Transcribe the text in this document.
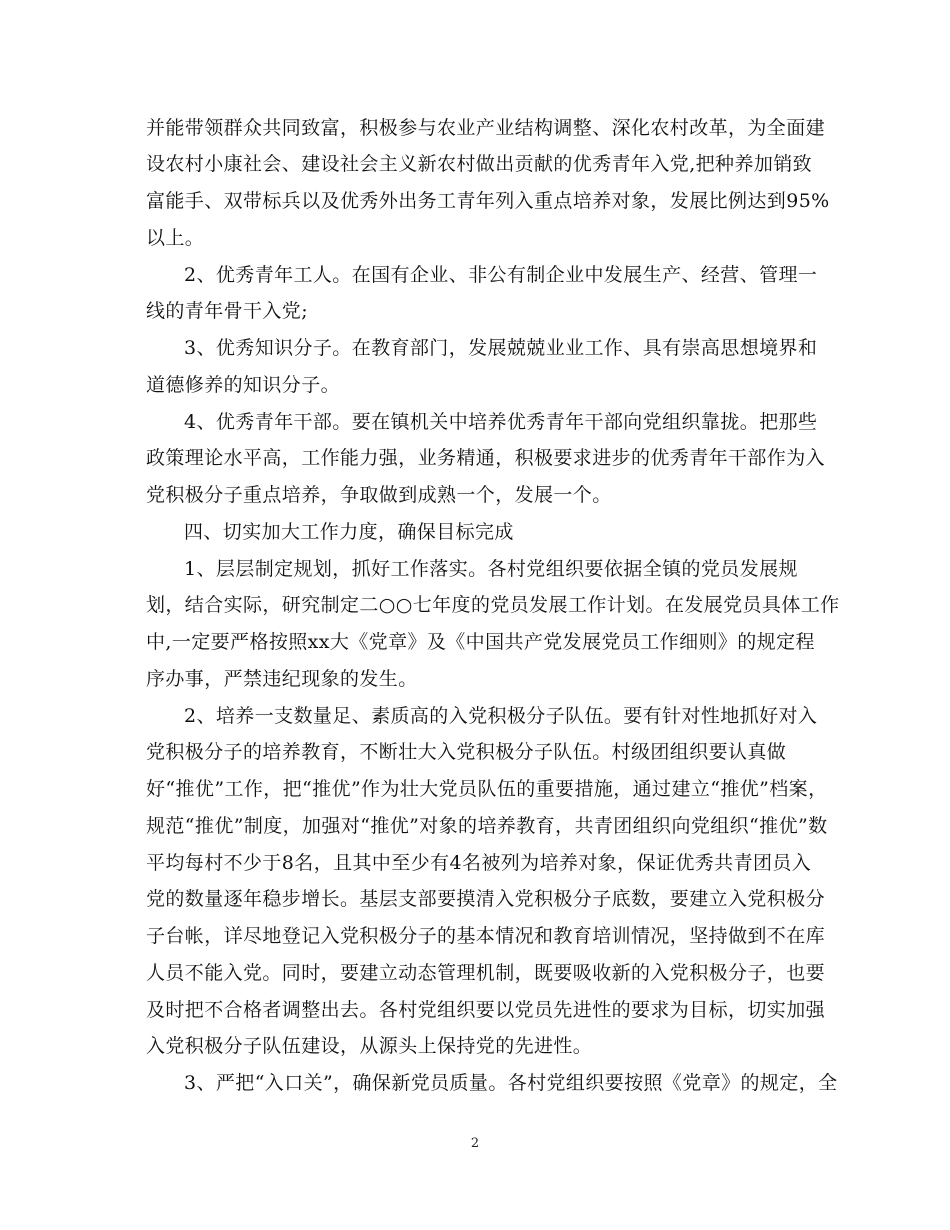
并能带领群众共同致富，积极参与农业产业结构调整、深化农村改革，为全面建
设农村小康社会、建设社会主义新农村做出贡献的优秀青年入党,把种养加销致
富能手、双带标兵以及优秀外出务工青年列入重点培养对象，发展比例达到95%
以上。
2、优秀青年工人。在国有企业、非公有制企业中发展生产、经营、管理一
线的青年骨干入党;
3、优秀知识分子。在教育部门，发展兢兢业业工作、具有崇高思想境界和
道德修养的知识分子。
4、优秀青年干部。要在镇机关中培养优秀青年干部向党组织靠拢。把那些
政策理论水平高，工作能力强，业务精通，积极要求进步的优秀青年干部作为入
党积极分子重点培养，争取做到成熟一个，发展一个。
四、切实加大工作力度，确保目标完成
1、层层制定规划，抓好工作落实。各村党组织要依据全镇的党员发展规
划，结合实际，研究制定二○○七年度的党员发展工作计划。在发展党员具体工作
中,一定要严格按照xx大《党章》及《中国共产党发展党员工作细则》的规定程
序办事，严禁违纪现象的发生。
2、培养一支数量足、素质高的入党积极分子队伍。要有针对性地抓好对入
党积极分子的培养教育，不断壮大入党积极分子队伍。村级团组织要认真做
好“推优”工作，把“推优”作为壮大党员队伍的重要措施，通过建立“推优”档案，
规范“推优”制度，加强对“推优”对象的培养教育，共青团组织向党组织“推优”数
平均每村不少于8名，且其中至少有4名被列为培养对象，保证优秀共青团员入
党的数量逐年稳步增长。基层支部要摸清入党积极分子底数，要建立入党积极分
子台帐，详尽地登记入党积极分子的基本情况和教育培训情况，坚持做到不在库
人员不能入党。同时，要建立动态管理机制，既要吸收新的入党积极分子，也要
及时把不合格者调整出去。各村党组织要以党员先进性的要求为目标，切实加强
入党积极分子队伍建设，从源头上保持党的先进性。
3、严把“入口关”，确保新党员质量。各村党组织要按照《党章》的规定，全
2
